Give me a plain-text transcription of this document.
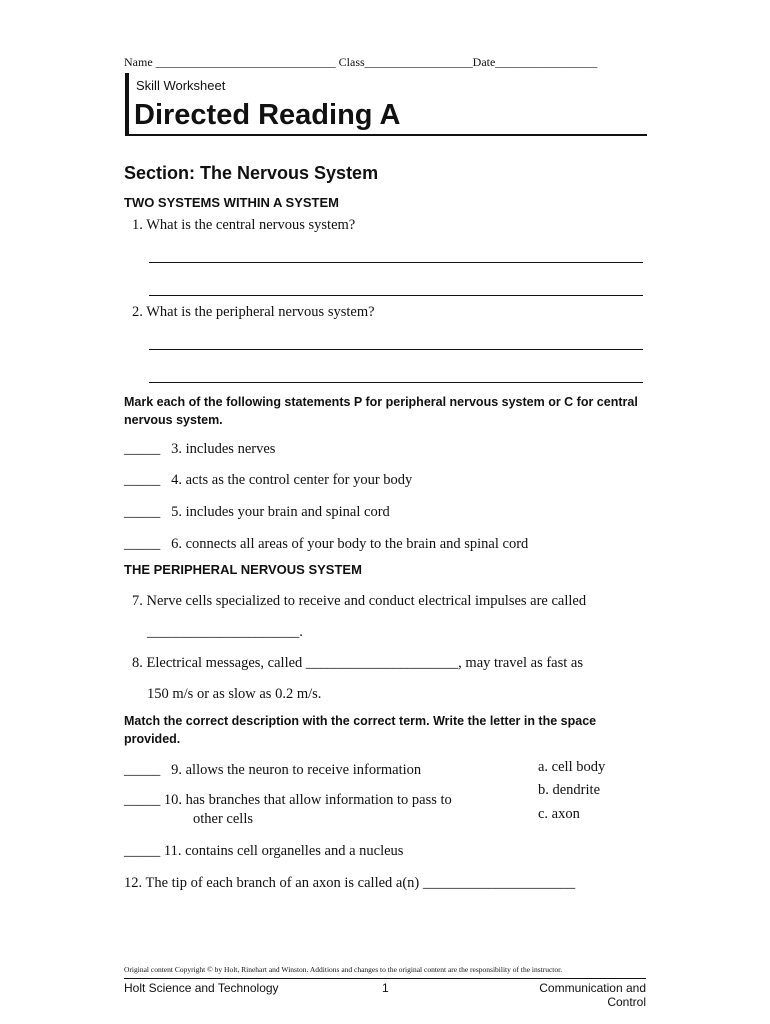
Name ______________________________ Class__________________Date_________________
Skill Worksheet
Directed Reading A
Section: The Nervous System
TWO SYSTEMS WITHIN A SYSTEM
1. What is the central nervous system?
2. What is the peripheral nervous system?
Mark each of the following statements P for peripheral nervous system or C for central nervous system.
_____   3. includes nerves
_____   4. acts as the control center for your body
_____   5. includes your brain and spinal cord
_____   6. connects all areas of your body to the brain and spinal cord
THE PERIPHERAL NERVOUS SYSTEM
7. Nerve cells specialized to receive and conduct electrical impulses are called
_____________________.
8. Electrical messages, called _____________________, may travel as fast as
150 m/s or as slow as 0.2 m/s.
Match the correct description with the correct term. Write the letter in the space provided.
_____   9. allows the neuron to receive information
_____ 10. has branches that allow information to pass to
other cells
_____ 11. contains cell organelles and a nucleus
a. cell body
b. dendrite
c. axon
12. The tip of each branch of an axon is called a(n) _____________________
Original content Copyright © by Holt, Rinehart and Winston. Additions and changes to the original content are the responsibility of the instructor.
Holt Science and Technology	1	Communication and Control
